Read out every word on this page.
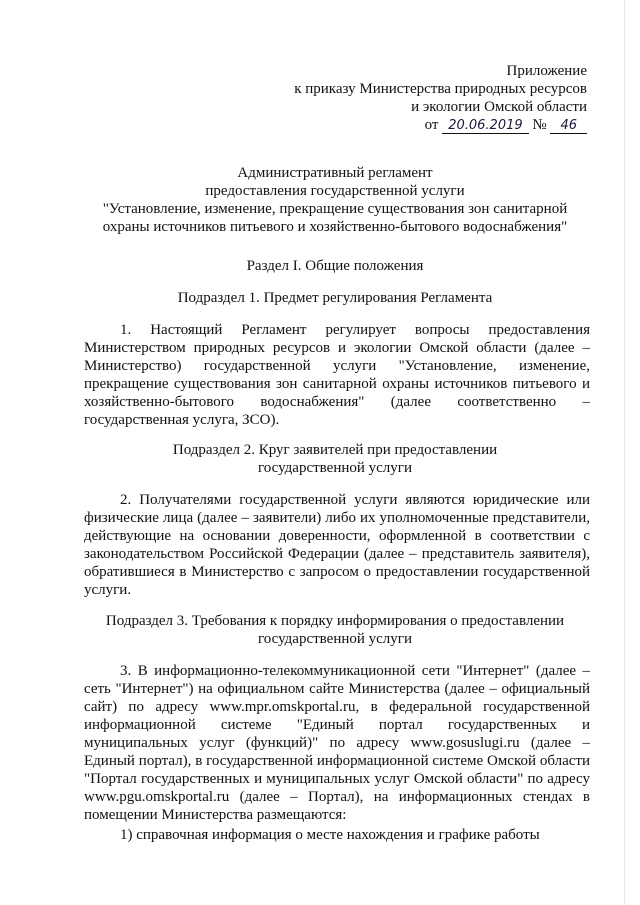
Приложение
к приказу Министерства природных ресурсов
и экологии Омской области
от 20.06.2019 № 46
Административный регламент
предоставления государственной услуги
"Установление, изменение, прекращение существования зон санитарной
охраны источников питьевого и хозяйственно-бытового водоснабжения"
Раздел I. Общие положения
Подраздел 1. Предмет регулирования Регламента
1. Настоящий Регламент регулирует вопросы предоставления Министерством природных ресурсов и экологии Омской области (далее – Министерство) государственной услуги "Установление, изменение, прекращение существования зон санитарной охраны источников питьевого и хозяйственно-бытового водоснабжения" (далее соответственно – государственная услуга, ЗСО).
Подраздел 2. Круг заявителей при предоставлении
государственной услуги
2. Получателями государственной услуги являются юридические или физические лица (далее – заявители) либо их уполномоченные представители, действующие на основании доверенности, оформленной в соответствии с законодательством Российской Федерации (далее – представитель заявителя), обратившиеся в Министерство с запросом о предоставлении государственной услуги.
Подраздел 3. Требования к порядку информирования о предоставлении
государственной услуги
3. В информационно-телекоммуникационной сети "Интернет" (далее – сеть "Интернет") на официальном сайте Министерства (далее – официальный сайт) по адресу www.mpr.omskportal.ru, в федеральной государственной информационной системе "Единый портал государственных и муниципальных услуг (функций)" по адресу www.gosuslugi.ru (далее – Единый портал), в государственной информационной системе Омской области "Портал государственных и муниципальных услуг Омской области" по адресу www.pgu.omskportal.ru (далее – Портал), на информационных стендах в помещении Министерства размещаются:
1) справочная информация о месте нахождения и графике работы
